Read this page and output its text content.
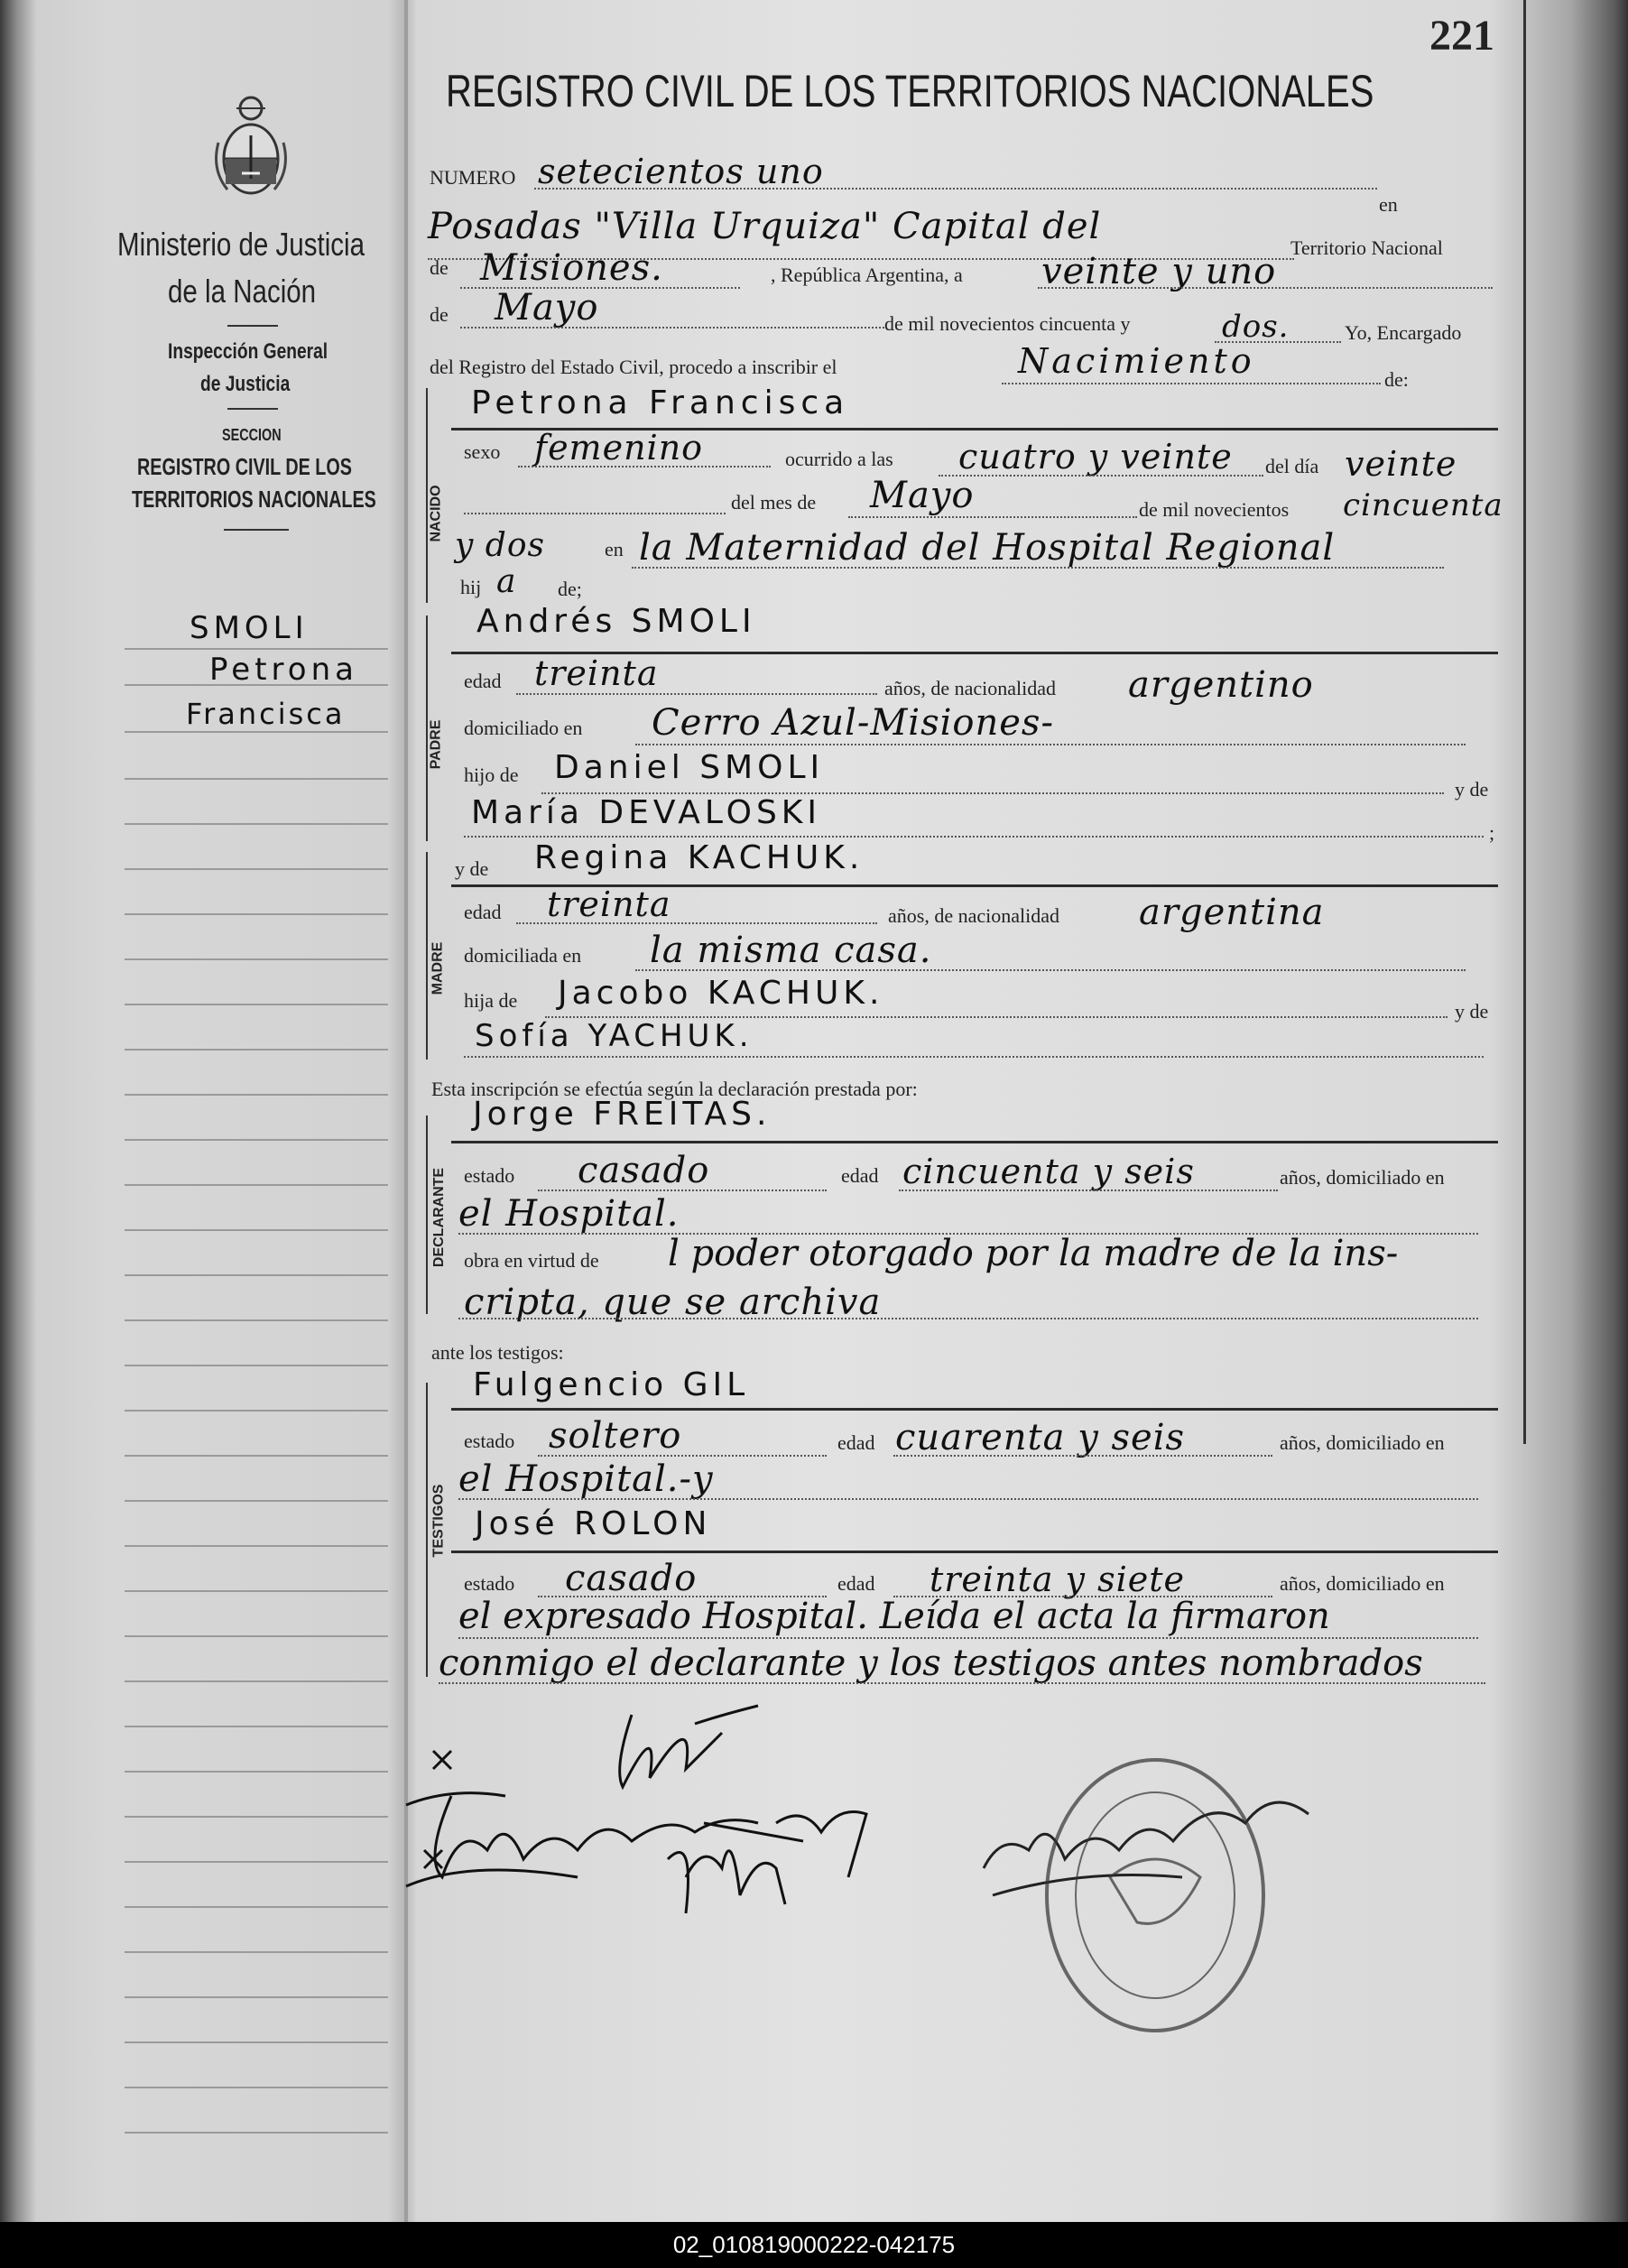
Ministerio de Justicia
de la Nación
Inspección General
de Justicia
SECCION
REGISTRO CIVIL DE LOS
TERRITORIOS NACIONALES
SMOLI
Petrona
Francisca
221
REGISTRO CIVIL DE LOS TERRITORIOS NACIONALES
NUMERO setecientos uno
en
Posadas "Villa Urquiza" Capital del
Territorio Nacional
de Misiones.	, República Argentina, a veinte y uno
de Mayo	de mil novecientos cincuenta y	dos.	Yo, Encargado
del Registro del Estado Civil, procedo a inscribir el	Nacimiento	de:
NACIDO
Petrona Francisca
sexo femenino	ocurrido a las cuatro y veinte del día veinte
del mes de Mayo	de mil novecientos cincuenta
y dos	en la Maternidad del Hospital Regional
hij a de;
PADRE
Andrés SMOLI
edad treinta	años, de nacionalidad argentino
domiciliado en Cerro Azul-Misiones-
hijo de Daniel SMOLI
y de
María DEVALOSKI
;
MADRE
y de Regina KACHUK.
edad treinta	años, de nacionalidad argentina
domiciliada en la misma casa.
hija de Jacobo KACHUK.	y de
Sofía YACHUK.
Esta inscripción se efectúa según la declaración prestada por:
DECLARANTE
Jorge FREITAS.
estado casado	edad cincuenta y seis	años, domiciliado en
el Hospital.
obra en virtud de l poder otorgado por la madre de la ins-
cripta, que se archiva
ante los testigos:
TESTIGOS
Fulgencio GIL
estado soltero	edad cuarenta y seis	años, domiciliado en
el Hospital.-y
José ROLON
estado casado	edad treinta y siete	años, domiciliado en
el expresado Hospital. Leída el acta la firmaron
conmigo el declarante y los testigos antes nombrados
02_010819000222-042175
